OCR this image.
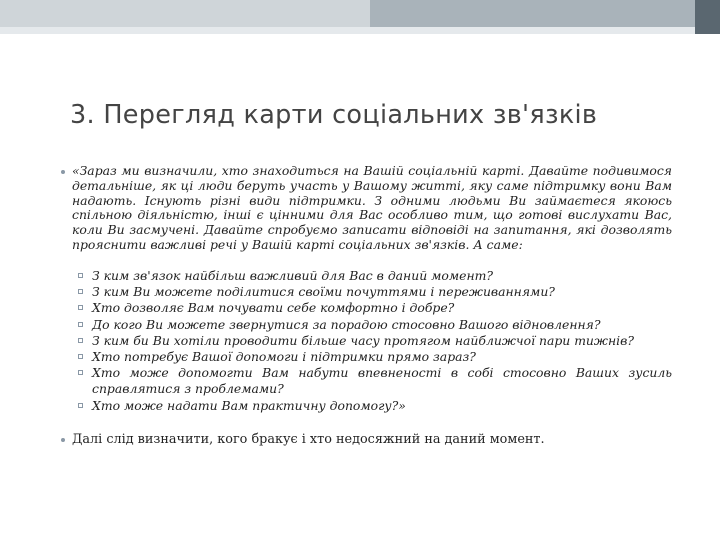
3. Перегляд карти соціальних зв'язків
«Зараз ми визначили, хто знаходиться на Вашій соціальній карті. Давайте подивимося детальніше, як ці люди беруть участь у Вашому житті, яку саме підтримку вони Вам надають. Існують різні види підтримки. З одними людьми Ви займаєтеся якоюсь спільною діяльністю, інші є цінними для Вас особливо тим, що готові вислухати Вас, коли Ви засмучені. Давайте спробуємо записати відповіді на запитання, які дозволять прояснити важливі речі у Вашій карті соціальних зв'язків. А саме:
З ким зв'язок найбільш важливий для Вас в даний момент?
З ким Ви можете поділитися своїми почуттями і переживаннями?
Хто дозволяє Вам почувати себе комфортно і добре?
До кого Ви можете звернутися за порадою стосовно Вашого відновлення?
З ким би Ви хотіли проводити більше часу протягом найближчої пари тижнів?
Хто потребує Вашої допомоги і підтримки прямо зараз?
Хто може допомогти Вам набути впевненості в собі стосовно Ваших зусиль справлятися з проблемами?
Хто може надати Вам практичну допомогу?»
Далі слід визначити, кого бракує і хто недосяжний на даний момент.
